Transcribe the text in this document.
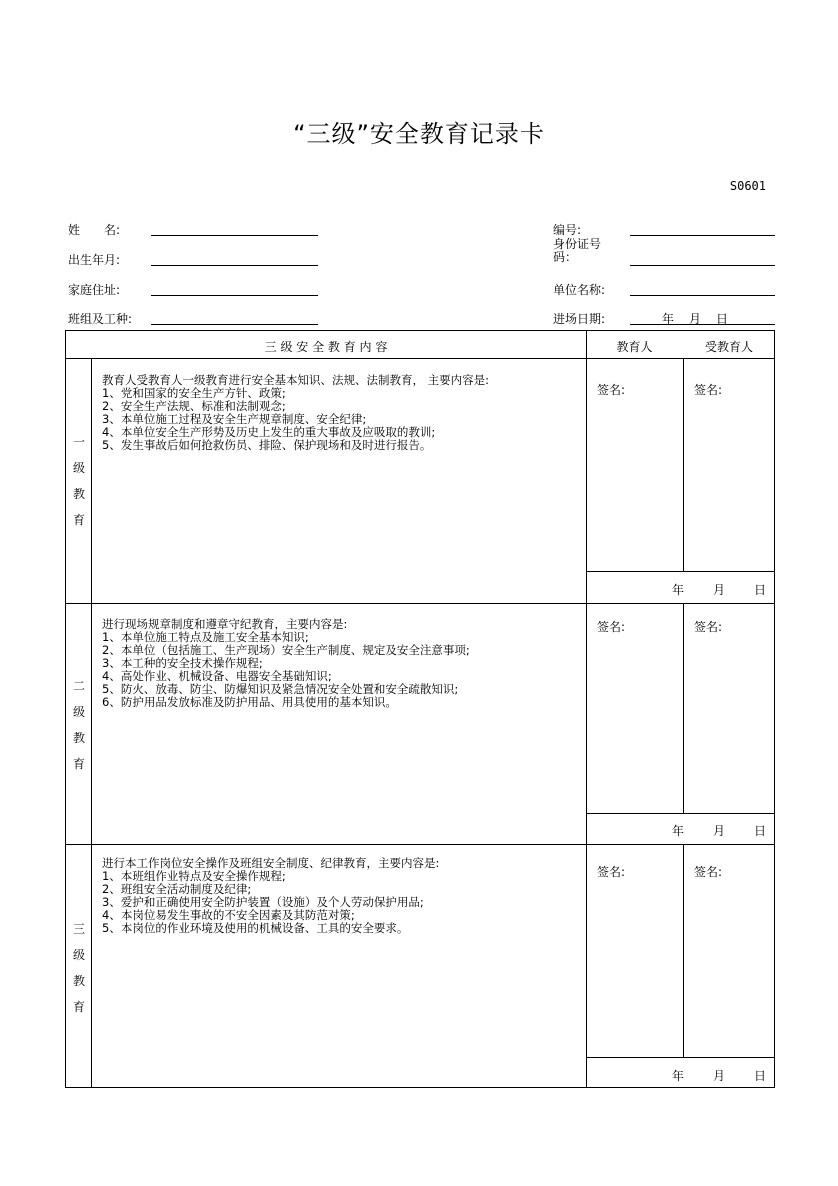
“三级”安全教育记录卡
S0601
姓　　名:
出生年月:
家庭住址:
班组及工种:
编号:
身份证号码：
单位名称:
进场日期:	年 月 日
三 级 安 全 教 育 内 容	教育人	受教育人
一
级
教
育
教育人受教育人一级教育进行安全基本知识、法规、法制教育， 主要内容是:
1、党和国家的安全生产方针、政策;
2、安全生产法规、标准和法制观念;
3、本单位施工过程及安全生产规章制度、安全纪律;
4、本单位安全生产形势及历史上发生的重大事故及应吸取的教训;
5、发生事故后如何抢救伤员、排险、保护现场和及时进行报告。
签名:	签名:
年 月 日
二
级
教
育
进行现场规章制度和遵章守纪教育，主要内容是:
1、本单位施工特点及施工安全基本知识;
2、本单位（包括施工、生产现场）安全生产制度、规定及安全注意事项;
3、本工种的安全技术操作规程;
4、高处作业、机械设备、电器安全基础知识;
5、防火、放毒、防尘、防爆知识及紧急情况安全处置和安全疏散知识;
6、防护用品发放标准及防护用品、用具使用的基本知识。
签名:	签名:
年 月 日
三
级
教
育
进行本工作岗位安全操作及班组安全制度、纪律教育，主要内容是:
1、本班组作业特点及安全操作规程;
2、班组安全活动制度及纪律;
3、爱护和正确使用安全防护装置（设施）及个人劳动保护用品;
4、本岗位易发生事故的不安全因素及其防范对策;
5、本岗位的作业环境及使用的机械设备、工具的安全要求。
签名:	签名:
年 月 日
